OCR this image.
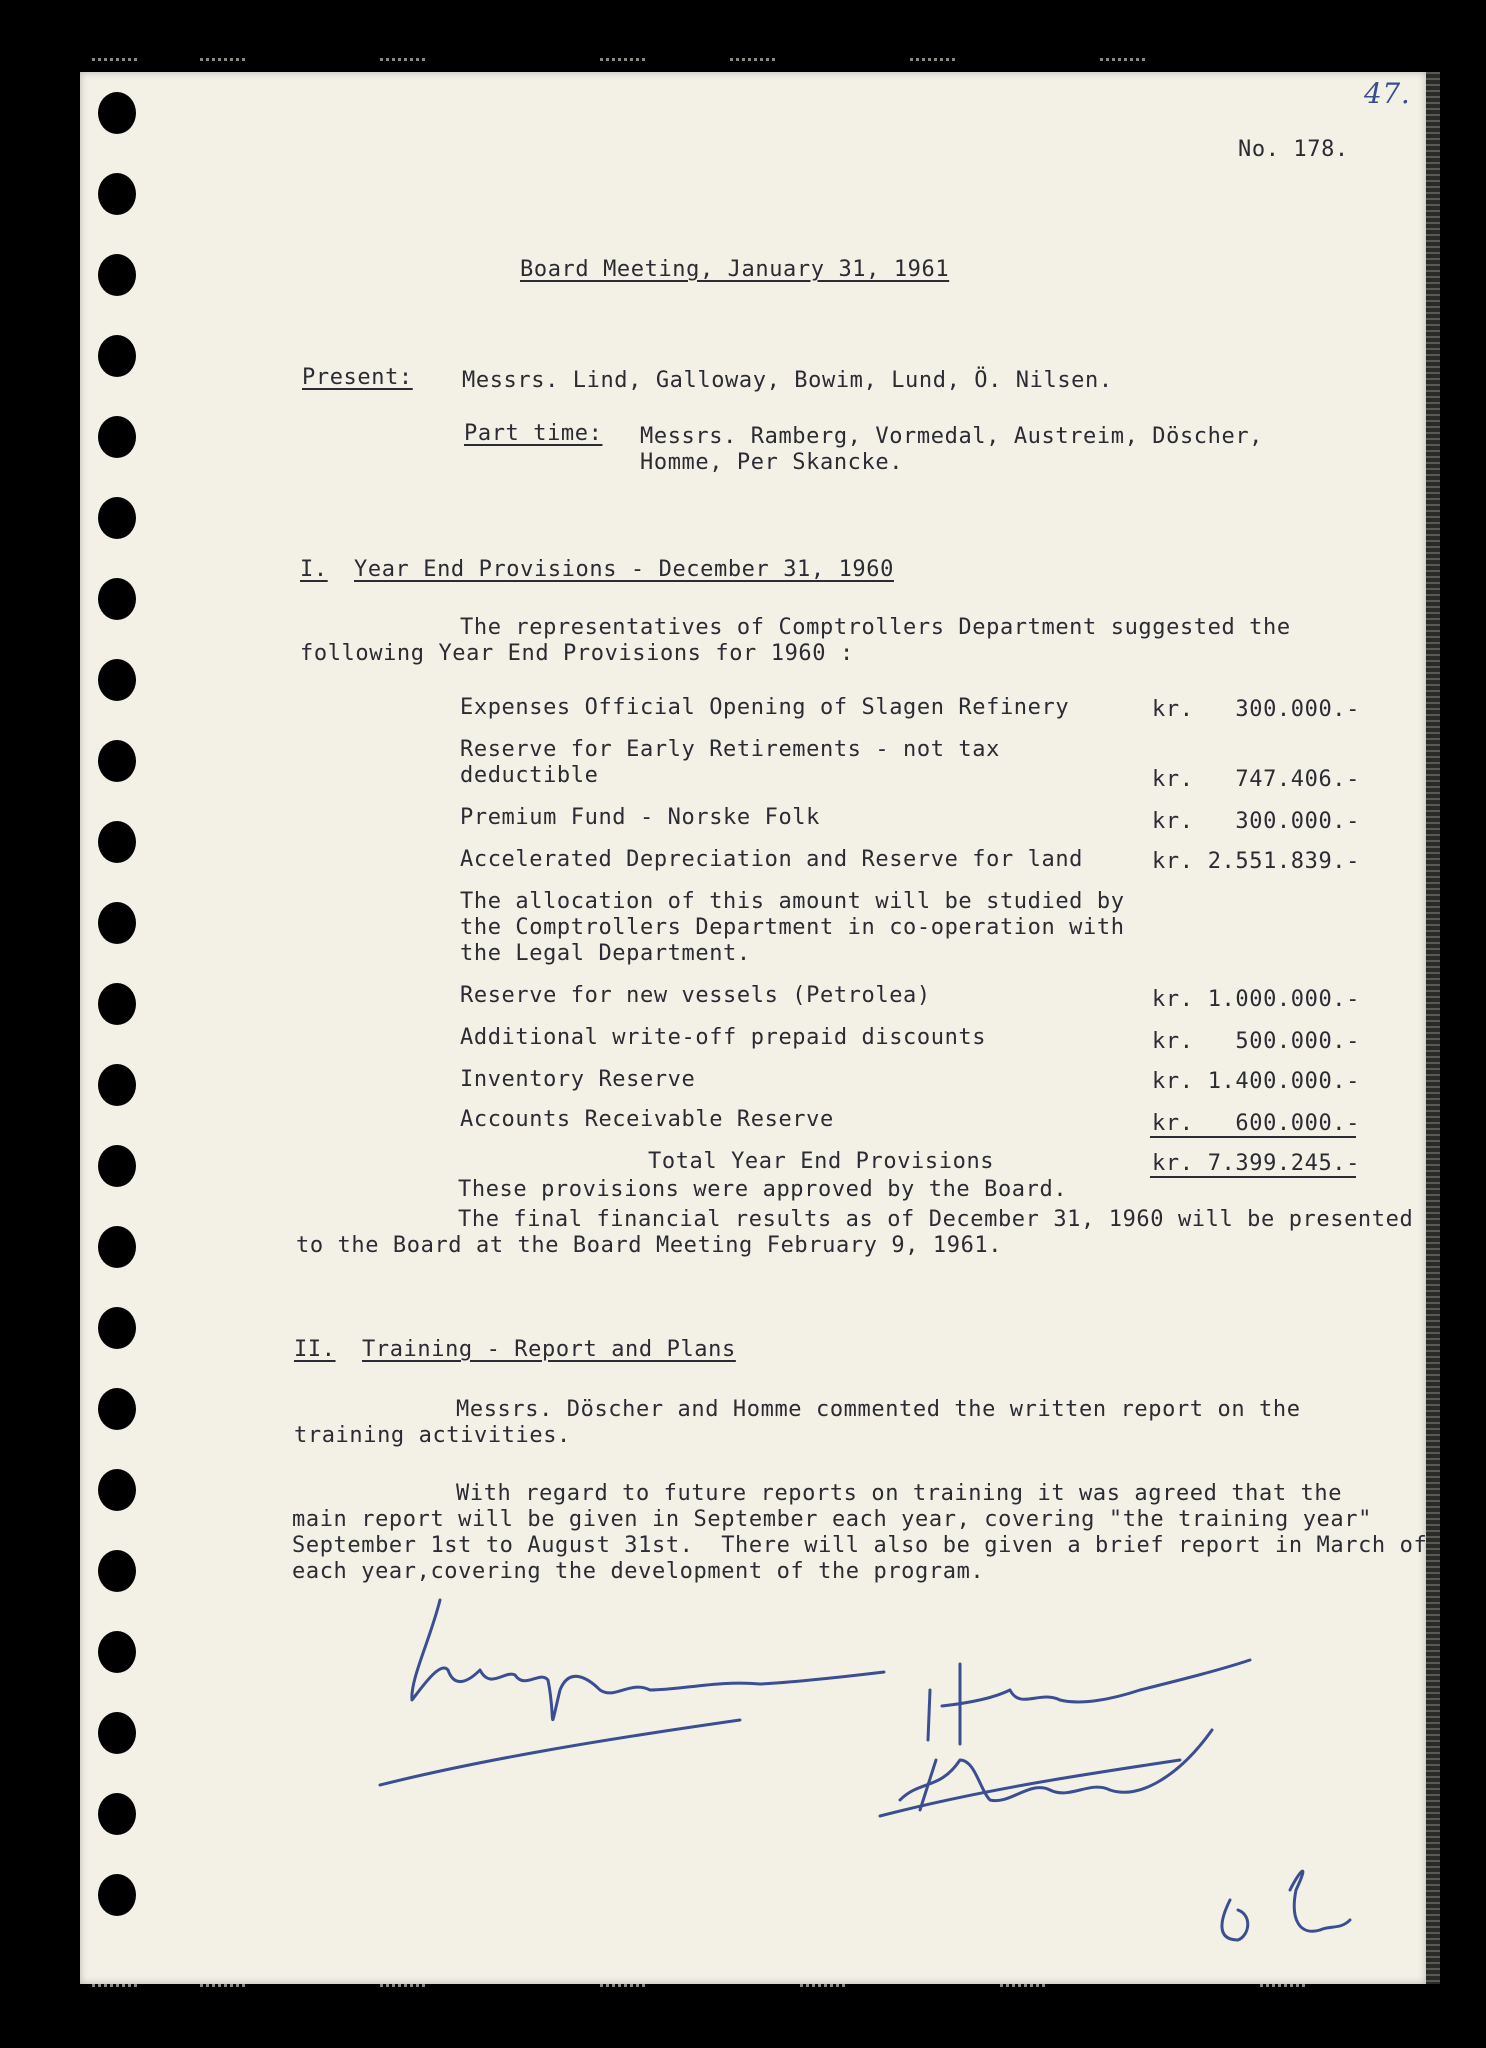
47.
No. 178.
Board Meeting, January 31, 1961
Present: Messrs. Lind, Galloway, Bowim, Lund, Ö. Nilsen.
Part time: Messrs. Ramberg, Vormedal, Austreim, Döscher,
Homme, Per Skancke.
I. Year End Provisions - December 31, 1960
The representatives of Comptrollers Department suggested the
following Year End Provisions for 1960 :
Expenses Official Opening of Slagen Refinery	kr.	300.000.-
Reserve for Early Retirements - not tax
deductible	kr.	747.406.-
Premium Fund - Norske Folk	kr.	300.000.-
Accelerated Depreciation and Reserve for land	kr. 2.551.839.-
The allocation of this amount will be studied by
the Comptrollers Department in co-operation with
the Legal Department.
Reserve for new vessels (Petrolea)	kr. 1.000.000.-
Additional write-off prepaid discounts	kr.	500.000.-
Inventory Reserve	kr. 1.400.000.-
Accounts Receivable Reserve	kr.	600.000.-
Total Year End Provisions	kr. 7.399.245.-
These provisions were approved by the Board.
The final financial results as of December 31, 1960 will be presented
to the Board at the Board Meeting February 9, 1961.
II. Training - Report and Plans
Messrs. Döscher and Homme commented the written report on the
training activities.
With regard to future reports on training it was agreed that the
main report will be given in September each year, covering "the training year"
September 1st to August 31st.  There will also be given a brief report in March of
each year,covering the development of the program.
